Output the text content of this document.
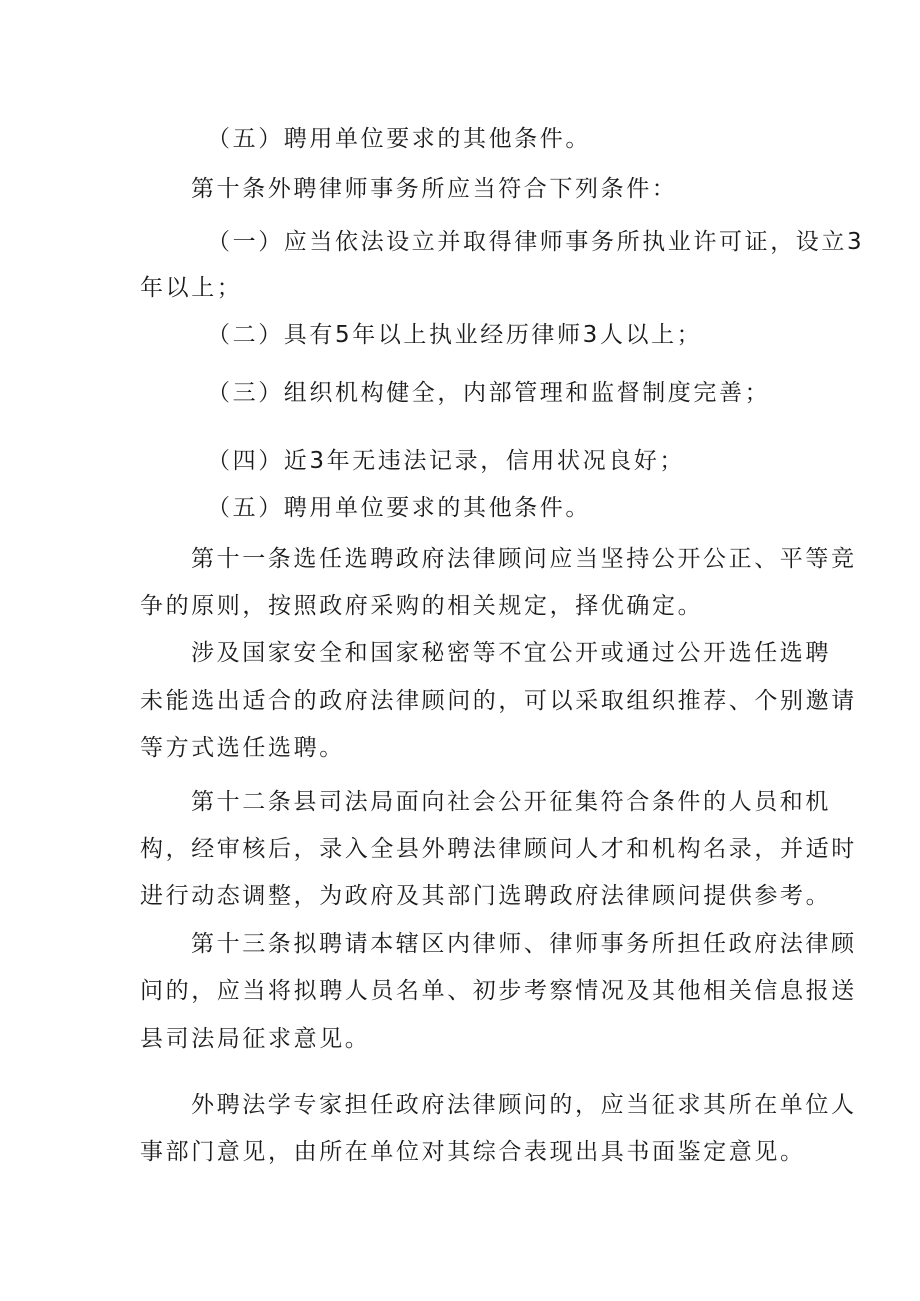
（五）聘用单位要求的其他条件。
第十条外聘律师事务所应当符合下列条件：
（一）应当依法设立并取得律师事务所执业许可证，设立3
年以上；
（二）具有5年以上执业经历律师3人以上；
（三）组织机构健全，内部管理和监督制度完善；
（四）近3年无违法记录，信用状况良好；
（五）聘用单位要求的其他条件。
第十一条选任选聘政府法律顾问应当坚持公开公正、平等竞
争的原则，按照政府采购的相关规定，择优确定。
涉及国家安全和国家秘密等不宜公开或通过公开选任选聘
未能选出适合的政府法律顾问的，可以采取组织推荐、个别邀请
等方式选任选聘。
第十二条县司法局面向社会公开征集符合条件的人员和机
构，经审核后，录入全县外聘法律顾问人才和机构名录，并适时
进行动态调整，为政府及其部门选聘政府法律顾问提供参考。
第十三条拟聘请本辖区内律师、律师事务所担任政府法律顾
问的，应当将拟聘人员名单、初步考察情况及其他相关信息报送
县司法局征求意见。
外聘法学专家担任政府法律顾问的，应当征求其所在单位人
事部门意见，由所在单位对其综合表现出具书面鉴定意见。
